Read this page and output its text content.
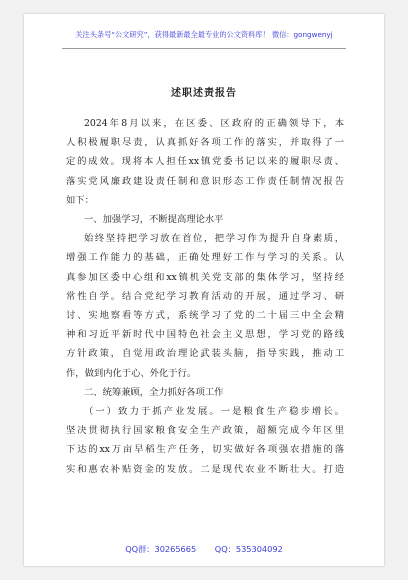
关注头条号“公文研究”，获得最新最全最专业的公文资料库！ 微信：gongwenyj
述职述责报告
2024年8月以来，在区委、区政府的正确领导下，本
人积极履职尽责，认真抓好各项工作的落实，并取得了一
定的成效。现将本人担任xx镇党委书记以来的履职尽责、
落实党风廉政建设责任制和意识形态工作责任制情况报告
如下：
一、加强学习，不断提高理论水平
始终坚持把学习放在首位，把学习作为提升自身素质，
增强工作能力的基础，正确处理好工作与学习的关系。认
真参加区委中心组和xx镇机关党支部的集体学习，坚持经
常性自学。结合党纪学习教育活动的开展，通过学习、研
讨、实地察看等方式，系统学习了党的二十届三中全会精
神和习近平新时代中国特色社会主义思想，学习党的路线
方针政策，自觉用政治理论武装头脑，指导实践，推动工
作，做到内化于心、外化于行。
二、统筹兼顾，全力抓好各项工作
（一）致力于抓产业发展。一是粮食生产稳步增长。
坚决贯彻执行国家粮食安全生产政策，超额完成今年区里
下达的xx万亩早稻生产任务，切实做好各项强农措施的落
实和惠农补贴资金的发放。二是现代农业不断壮大。打造
QQ群：30265665 QQ：535304092
